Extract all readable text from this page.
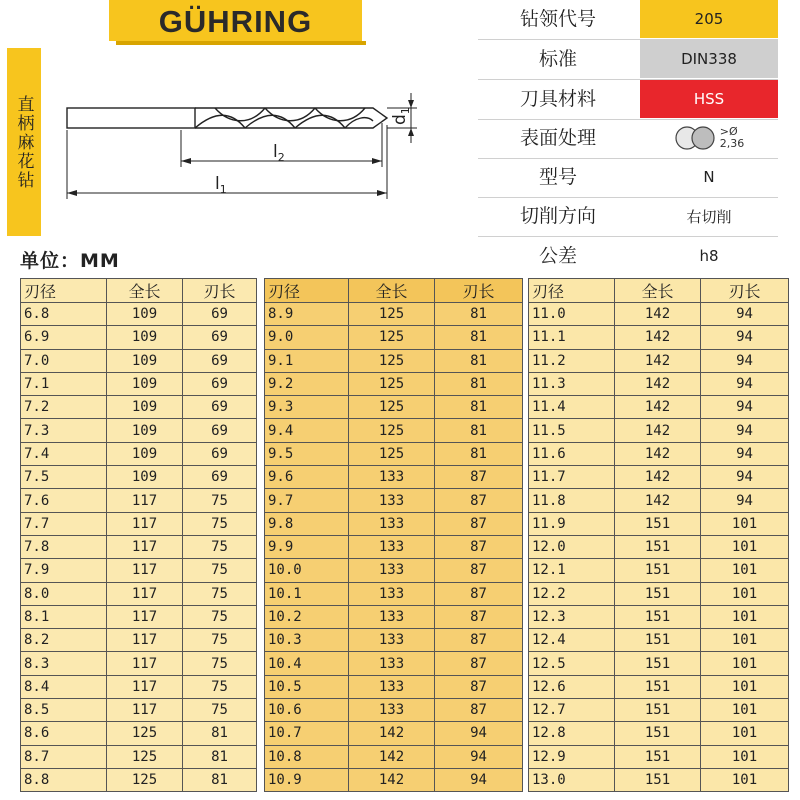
GÜHRING
直柄麻花钻	$l_2$
$l_1$
$d_1$
钻领代号	205
标准	DIN338
刀具材料	HSS
表面处理	>Ø
2,36
型号	N
切削方向	右切削
公差	h8
单位：MM
刃径	全长	刃长
6.8	109	69
6.9	109	69
7.0	109	69
7.1	109	69
7.2	109	69
7.3	109	69
7.4	109	69
7.5	109	69
7.6	117	75
7.7	117	75
7.8	117	75
7.9	117	75
8.0	117	75
8.1	117	75
8.2	117	75
8.3	117	75
8.4	117	75
8.5	117	75
8.6	125	81
8.7	125	81
8.8	125	81
刃径	全长	刃长
8.9	125	81
9.0	125	81
9.1	125	81
9.2	125	81
9.3	125	81
9.4	125	81
9.5	125	81
9.6	133	87
9.7	133	87
9.8	133	87
9.9	133	87
10.0	133	87
10.1	133	87
10.2	133	87
10.3	133	87
10.4	133	87
10.5	133	87
10.6	133	87
10.7	142	94
10.8	142	94
10.9	142	94
刃径	全长	刃长
11.0	142	94
11.1	142	94
11.2	142	94
11.3	142	94
11.4	142	94
11.5	142	94
11.6	142	94
11.7	142	94
11.8	142	94
11.9	151	101
12.0	151	101
12.1	151	101
12.2	151	101
12.3	151	101
12.4	151	101
12.5	151	101
12.6	151	101
12.7	151	101
12.8	151	101
12.9	151	101
13.0	151	101
